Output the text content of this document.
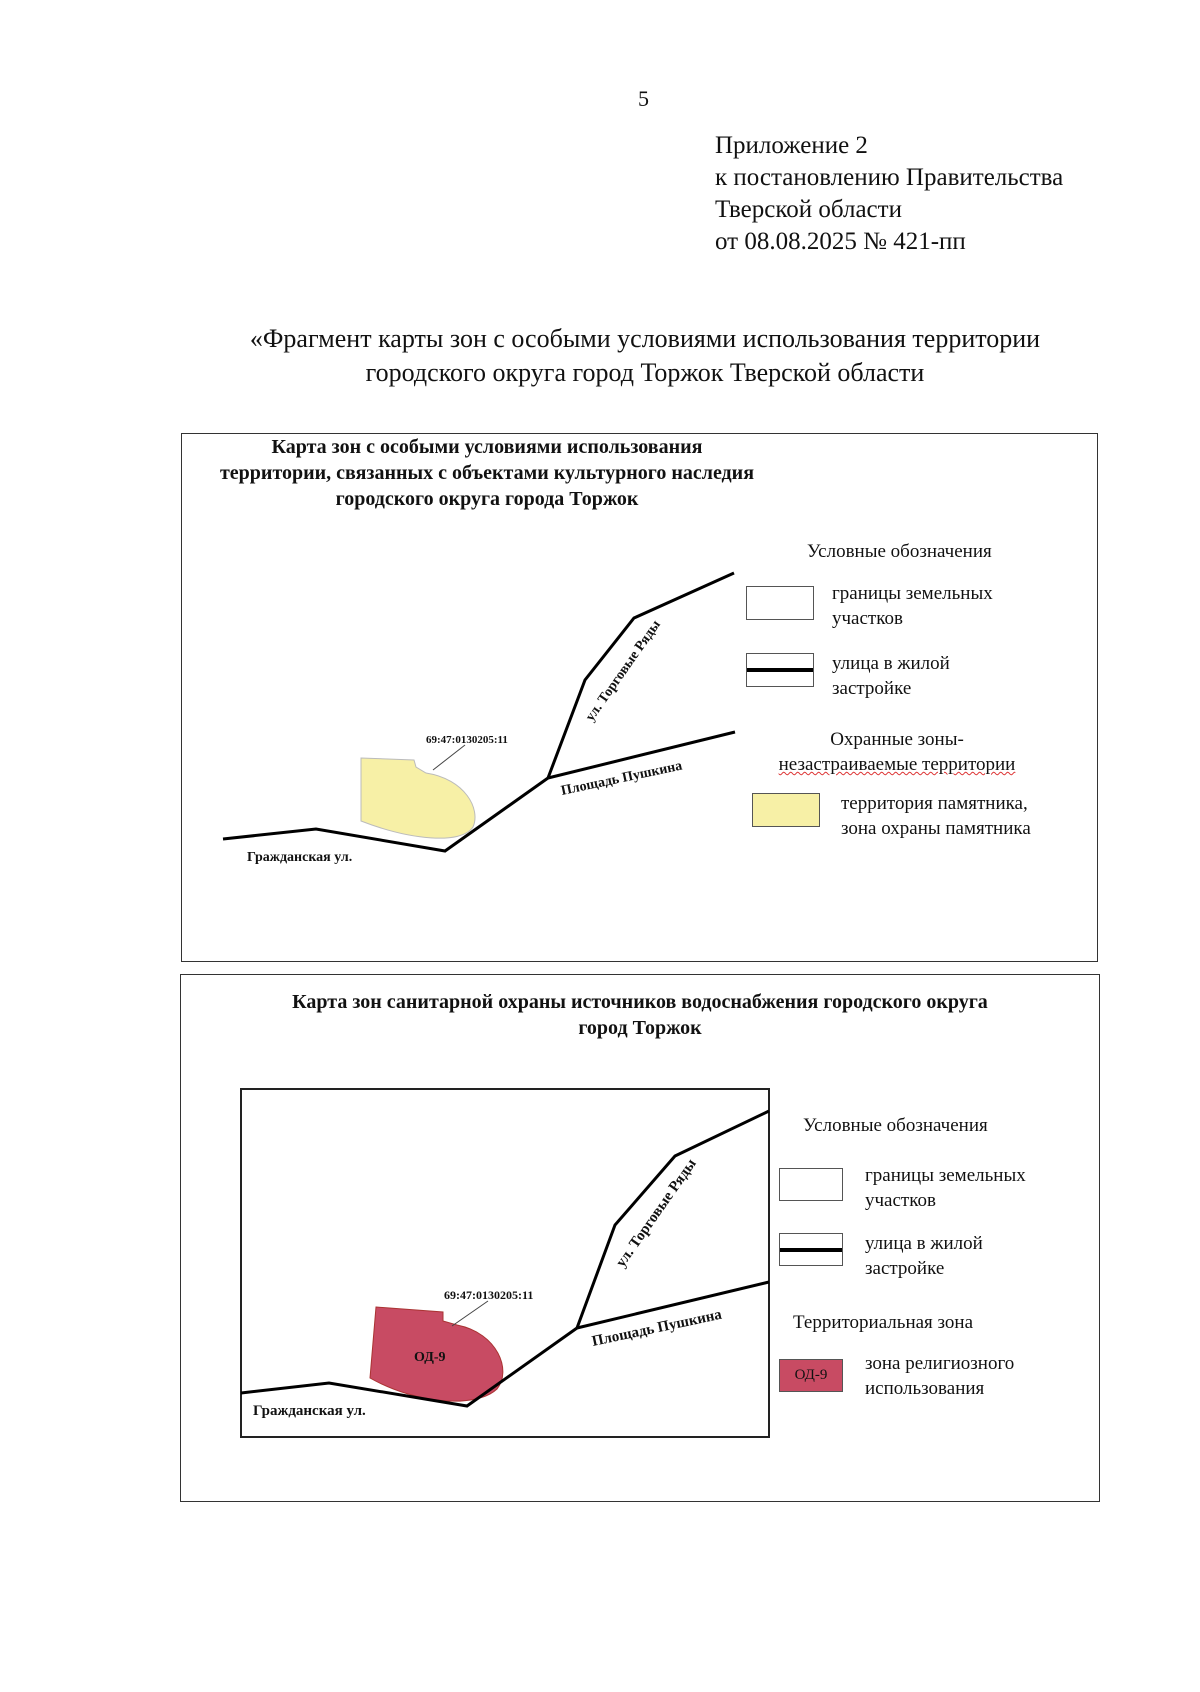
5
Приложение 2
к постановлению Правительства
Тверской области
от 08.08.2025 № 421-пп
«Фрагмент карты зон с особыми условиями использования территории
городского округа город Торжок Тверской области
Карта зон с особыми условиями использования
территории, связанных с объектами культурного наследия
городского округа города Торжок
69:47:0130205:11
ул. Торговые Ряды
Площадь Пушкина
Гражданская ул.
Условные обозначения
границы земельных
участков
улица в жилой
застройке
Охранные зоны-
незастраиваемые территории
территория памятника,
зона охраны памятника
Карта зон санитарной охраны источников водоснабжения городского округа
город Торжок
ОД-9
69:47:0130205:11
ул. Торговые Ряды
Площадь Пушкина
Гражданская ул.
Условные обозначения
границы земельных
участков
улица в жилой
застройке
Территориальная зона
ОД-9
зона религиозного
использования
